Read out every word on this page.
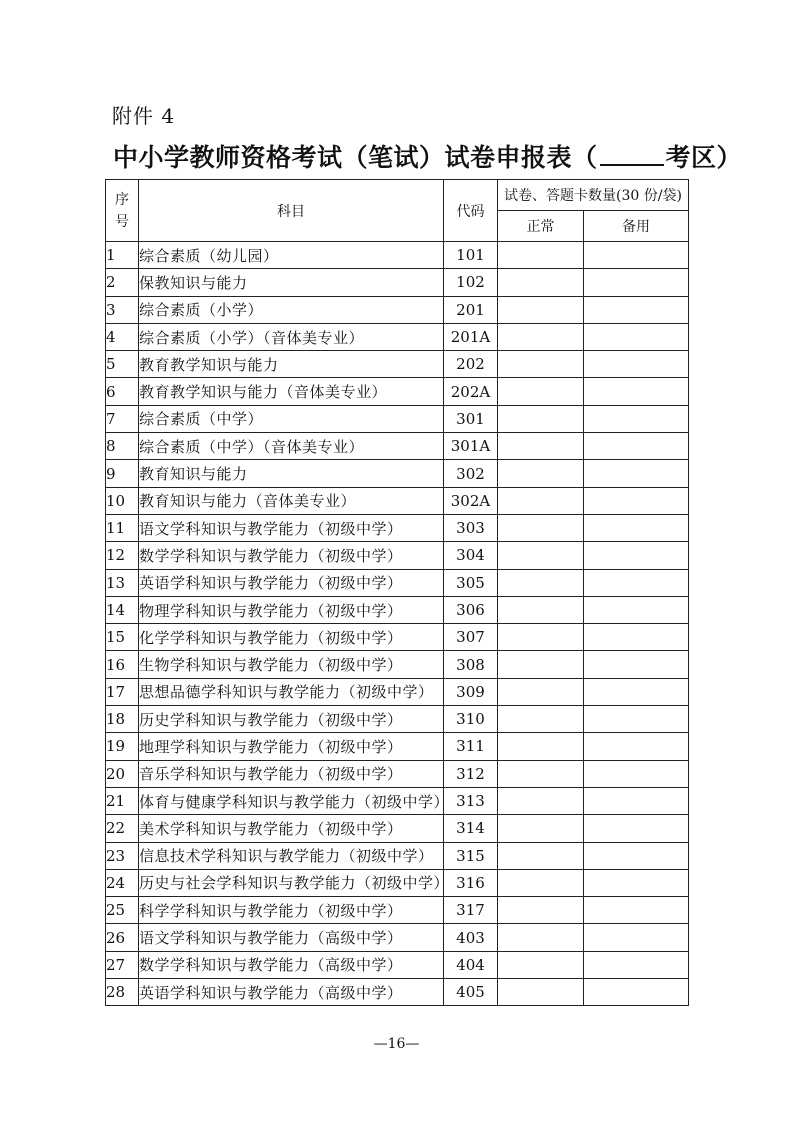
附件 4
中小学教师资格考试（笔试）试卷申报表（	考区）
序
号	科目	代码	试卷、答题卡数量(30 份/袋)	
			正常	备用
1	综合素质（幼儿园）	101		
2	保教知识与能力	102		
3	综合素质（小学）	201		
4	综合素质（小学）（音体美专业）	201A		
5	教育教学知识与能力	202		
6	教育教学知识与能力（音体美专业）	202A		
7	综合素质（中学）	301		
8	综合素质（中学）（音体美专业）	301A		
9	教育知识与能力	302		
10	教育知识与能力（音体美专业）	302A		
11	语文学科知识与教学能力（初级中学）	303		
12	数学学科知识与教学能力（初级中学）	304		
13	英语学科知识与教学能力（初级中学）	305		
14	物理学科知识与教学能力（初级中学）	306		
15	化学学科知识与教学能力（初级中学）	307		
16	生物学科知识与教学能力（初级中学）	308		
17	思想品德学科知识与教学能力（初级中学）	309		
18	历史学科知识与教学能力（初级中学）	310		
19	地理学科知识与教学能力（初级中学）	311		
20	音乐学科知识与教学能力（初级中学）	312		
21	体育与健康学科知识与教学能力（初级中学）	313		
22	美术学科知识与教学能力（初级中学）	314		
23	信息技术学科知识与教学能力（初级中学）	315		
24	历史与社会学科知识与教学能力（初级中学）	316		
25	科学学科知识与教学能力（初级中学）	317		
26	语文学科知识与教学能力（高级中学）	403		
27	数学学科知识与教学能力（高级中学）	404		
28	英语学科知识与教学能力（高级中学）	405		
—16—
